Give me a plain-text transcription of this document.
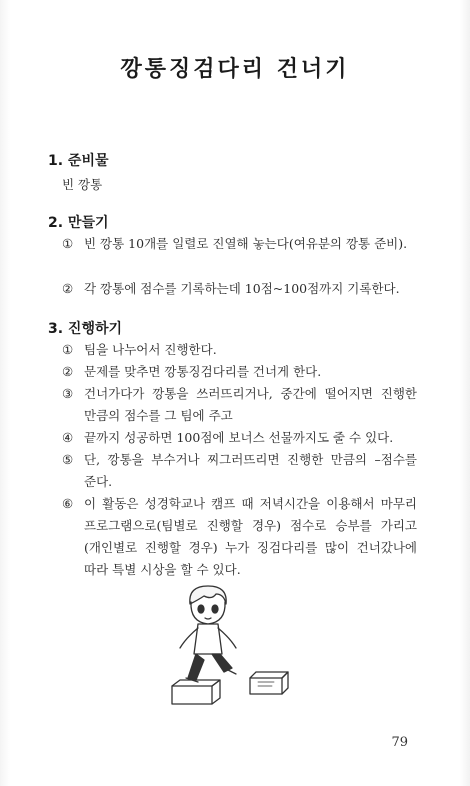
깡통징검다리 건너기
1. 준비물
빈 깡통
2. 만들기
① 빈 깡통 10개를 일렬로 진열해 놓는다(여유분의 깡통 준비).
② 각 깡통에 점수를 기록하는데 10점~100점까지 기록한다.
3. 진행하기
① 팀을 나누어서 진행한다.
② 문제를 맞추면 깡통징검다리를 건너게 한다.
③ 건너가다가 깡통을 쓰러뜨리거나, 중간에 떨어지면 진행한 만큼의 점수를 그 팀에 주고
④ 끝까지 성공하면 100점에 보너스 선물까지도 줄 수 있다.
⑤ 단, 깡통을 부수거나 찌그러뜨리면 진행한 만큼의 –점수를 준다.
⑥ 이 활동은 성경학교나 캠프 때 저녁시간을 이용해서 마무리 프로그램으로(팀별로 진행할 경우) 점수로 승부를 가리고 (개인별로 진행할 경우) 누가 징검다리를 많이 건너갔나에 따라 특별 시상을 할 수 있다.
79
